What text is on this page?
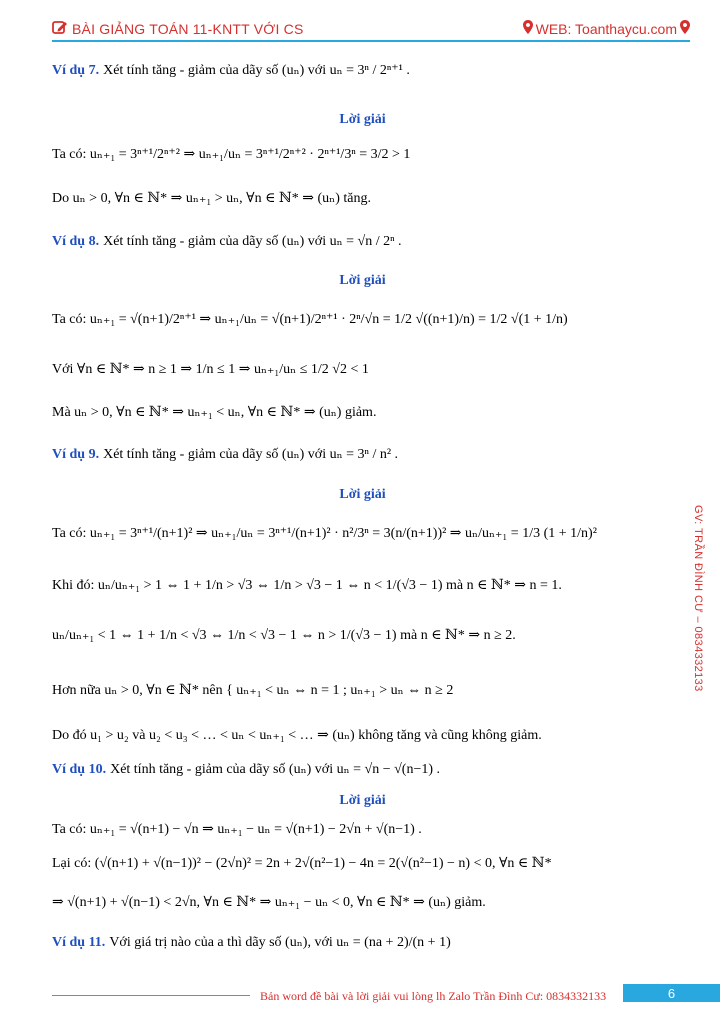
BÀI GIẢNG TOÁN 11-KNTT VỚI CS	WEB: Toanthaycu.com
Ví dụ 7. Xét tính tăng - giảm của dãy số (uₙ) với uₙ = 3ⁿ / 2ⁿ⁺¹ .
Lời giải
Ta có: uₙ₊₁ = 3ⁿ⁺¹/2ⁿ⁺² ⇒ uₙ₊₁/uₙ = 3ⁿ⁺¹/2ⁿ⁺² · 2ⁿ⁺¹/3ⁿ = 3/2 > 1
Do uₙ > 0, ∀n ∈ ℕ* ⇒ uₙ₊₁ > uₙ, ∀n ∈ ℕ* ⇒ (uₙ) tăng.
Ví dụ 8. Xét tính tăng - giảm của dãy số (uₙ) với uₙ = √n / 2ⁿ .
Lời giải
Ta có: uₙ₊₁ = √(n+1)/2ⁿ⁺¹ ⇒ uₙ₊₁/uₙ = √(n+1)/2ⁿ⁺¹ · 2ⁿ/√n = 1/2 √((n+1)/n) = 1/2 √(1 + 1/n)
Với ∀n ∈ ℕ* ⇒ n ≥ 1 ⇒ 1/n ≤ 1 ⇒ uₙ₊₁/uₙ ≤ 1/2 √2 < 1
Mà uₙ > 0, ∀n ∈ ℕ* ⇒ uₙ₊₁ < uₙ, ∀n ∈ ℕ* ⇒ (uₙ) giảm.
Ví dụ 9. Xét tính tăng - giảm của dãy số (uₙ) với uₙ = 3ⁿ / n² .
Lời giải
Ta có: uₙ₊₁ = 3ⁿ⁺¹/(n+1)² ⇒ uₙ₊₁/uₙ = 3ⁿ⁺¹/(n+1)² · n²/3ⁿ = 3(n/(n+1))² ⇒ uₙ/uₙ₊₁ = 1/3 (1 + 1/n)²
Khi đó: uₙ/uₙ₊₁ > 1 ⇔ 1 + 1/n > √3 ⇔ 1/n > √3 − 1 ⇔ n < 1/(√3 − 1) mà n ∈ ℕ* ⇒ n = 1.
uₙ/uₙ₊₁ < 1 ⇔ 1 + 1/n < √3 ⇔ 1/n < √3 − 1 ⇔ n > 1/(√3 − 1) mà n ∈ ℕ* ⇒ n ≥ 2.
Hơn nữa uₙ > 0, ∀n ∈ ℕ* nên { uₙ₊₁ < uₙ ⇔ n = 1 ; uₙ₊₁ > uₙ ⇔ n ≥ 2
Do đó u₁ > u₂ và u₂ < u₃ < … < uₙ < uₙ₊₁ < … ⇒ (uₙ) không tăng và cũng không giảm.
Ví dụ 10. Xét tính tăng - giảm của dãy số (uₙ) với uₙ = √n − √(n−1) .
Lời giải
Ta có: uₙ₊₁ = √(n+1) − √n ⇒ uₙ₊₁ − uₙ = √(n+1) − 2√n + √(n−1) .
Lại có: (√(n+1) + √(n−1))² − (2√n)² = 2n + 2√(n²−1) − 4n = 2(√(n²−1) − n) < 0, ∀n ∈ ℕ*
⇒ √(n+1) + √(n−1) < 2√n, ∀n ∈ ℕ* ⇒ uₙ₊₁ − uₙ < 0, ∀n ∈ ℕ* ⇒ (uₙ) giảm.
Ví dụ 11. Với giá trị nào của a thì dãy số (uₙ), với uₙ = (na + 2)/(n + 1)
GV: TRẦN ĐÌNH CƯ – 0834332133
Bản word đề bài và lời giải vui lòng lh Zalo Trần Đình Cư: 0834332133	6
